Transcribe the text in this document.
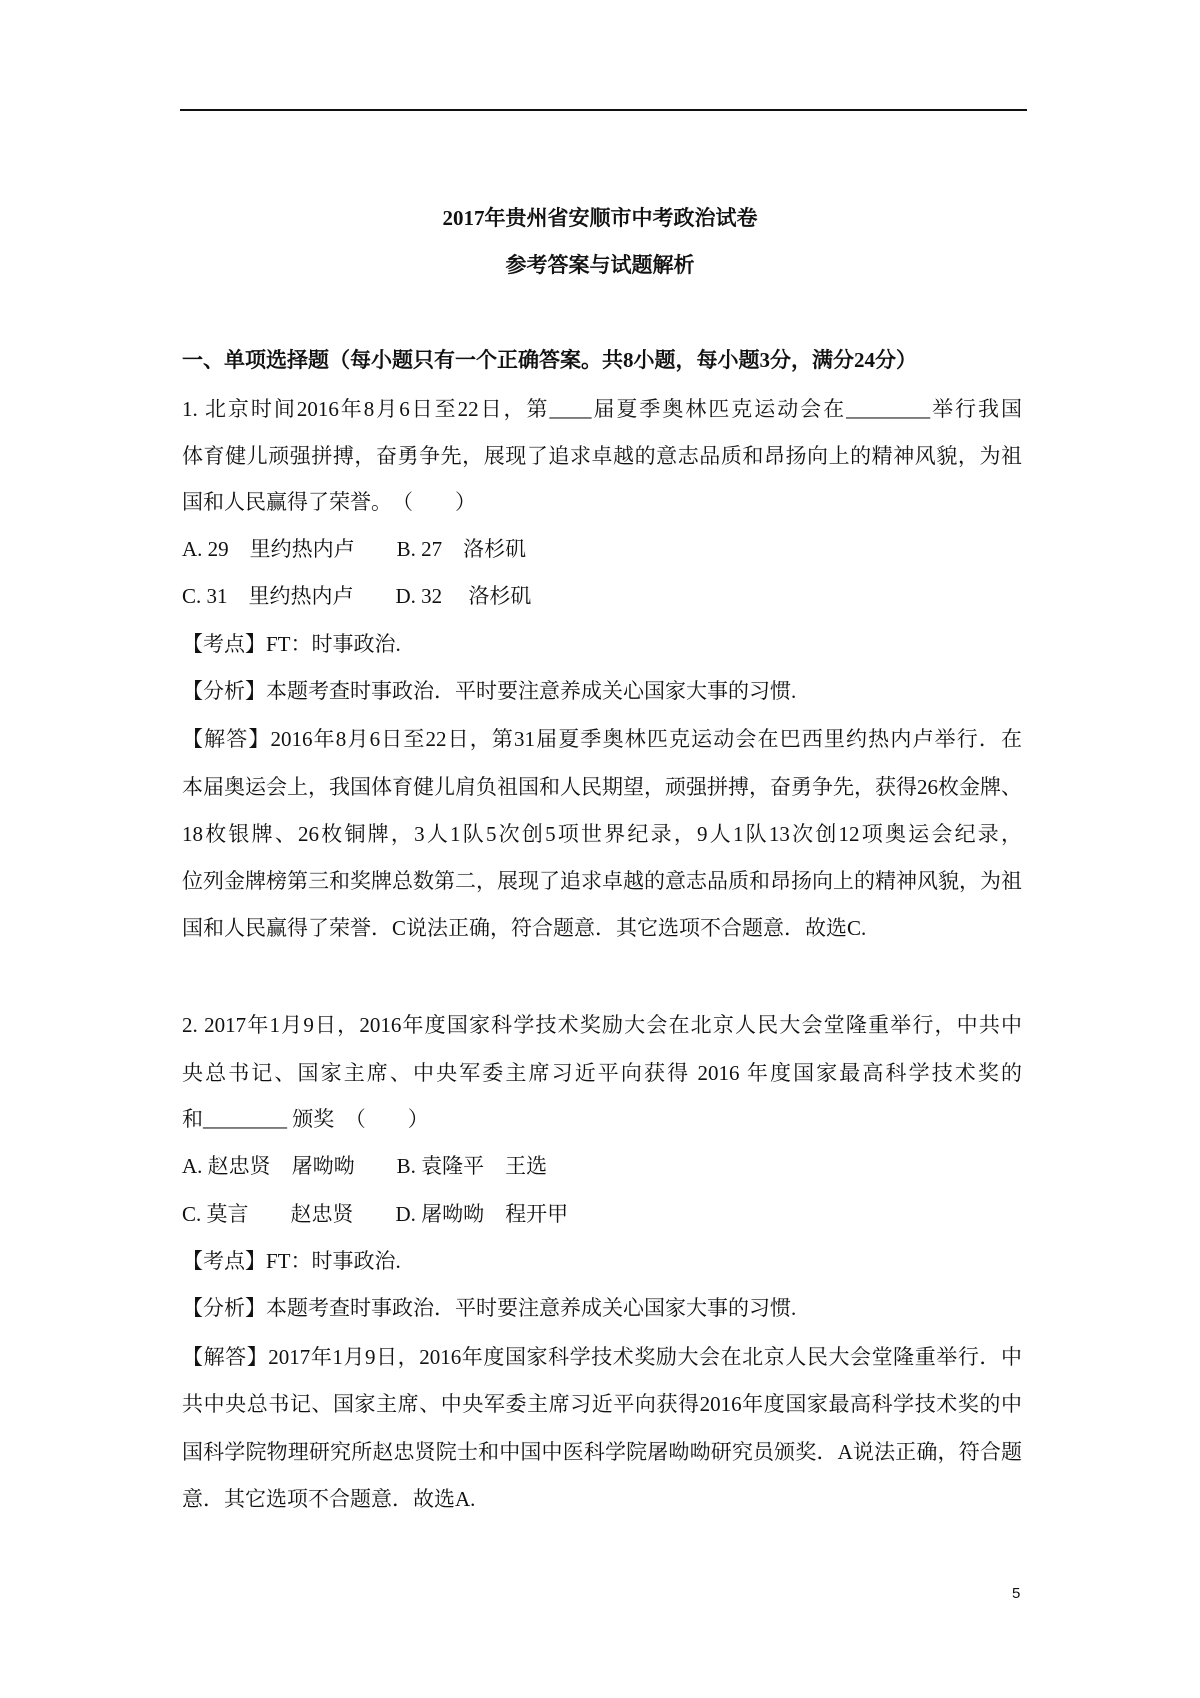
2017年贵州省安顺市中考政治试卷
参考答案与试题解析
一、单项选择题（每小题只有一个正确答案。共8小题，每小题3分，满分24分）
1. 北京时间2016年8月6日至22日，第____届夏季奥林匹克运动会在________举行我国
体育健儿顽强拼搏，奋勇争先，展现了追求卓越的意志品质和昂扬向上的精神风貌，为祖
国和人民赢得了荣誉。　（　　）
A. 29　里约热内卢　　B. 27　洛杉矶
C. 31　里约热内卢　　D. 32　 洛杉矶
【考点】FT：时事政治.
【分析】本题考查时事政治．平时要注意养成关心国家大事的习惯.
【解答】2016年8月6日至22日，第31届夏季奥林匹克运动会在巴西里约热内卢举行．在
本届奥运会上，我国体育健儿肩负祖国和人民期望，顽强拼搏，奋勇争先，获得26枚金牌、
18枚银牌、26枚铜牌，3人1队5次创5项世界纪录，9人1队13次创12项奥运会纪录，
位列金牌榜第三和奖牌总数第二，展现了追求卓越的意志品质和昂扬向上的精神风貌，为祖
国和人民赢得了荣誉．C说法正确，符合题意．其它选项不合题意．故选C.
2. 2017年1月9日，2016年度国家科学技术奖励大会在北京人民大会堂隆重举行，中共中
央总书记、国家主席、中央军委主席习近平向获得 2016 年度国家最高科学技术奖的
和________ 颁奖　（　　）
A. 赵忠贤　屠呦呦　　B. 袁隆平　王选
C. 莫言　　赵忠贤　　D. 屠呦呦　程开甲
【考点】FT：时事政治.
【分析】本题考查时事政治．平时要注意养成关心国家大事的习惯.
【解答】2017年1月9日，2016年度国家科学技术奖励大会在北京人民大会堂隆重举行．中
共中央总书记、国家主席、中央军委主席习近平向获得2016年度国家最高科学技术奖的中
国科学院物理研究所赵忠贤院士和中国中医科学院屠呦呦研究员颁奖．A说法正确，符合题
意．其它选项不合题意．故选A.
5
